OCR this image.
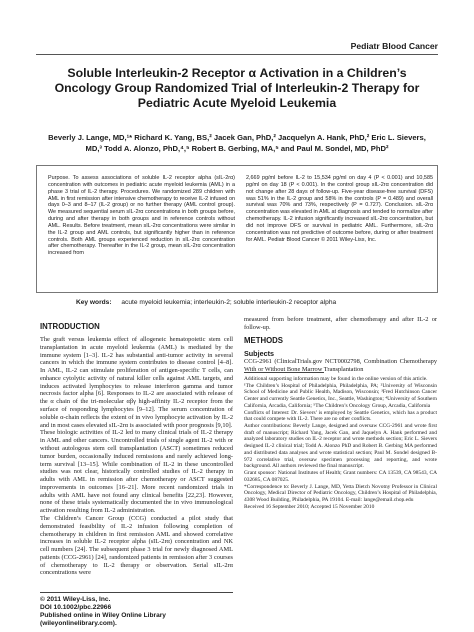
Pediatr Blood Cancer
Soluble Interleukin-2 Receptor α Activation in a Children’s Oncology Group Randomized Trial of Interleukin-2 Therapy for Pediatric Acute Myeloid Leukemia
Beverly J. Lange, MD,¹* Richard K. Yang, BS,² Jacek Gan, PhD,² Jacquelyn A. Hank, PhD,² Eric L. Sievers, MD,³ Todd A. Alonzo, PhD,⁴,⁵ Robert B. Gerbing, MA,⁵ and Paul M. Sondel, MD, PhD²
Purpose. To assess associations of soluble IL-2 receptor alpha (sIL-2rα) concentration with outcomes in pediatric acute myeloid leukemia (AML) in a phase 3 trial of IL-2 therapy. Procedures. We randomized 289 children with AML in first remission after intensive chemotherapy to receive IL-2 infused on days 0–3 and 8–17 (IL-2 group) or no further therapy (AML control group). We measured sequential serum sIL-2rα concentrations in both groups before, during and after therapy in both groups and in reference controls without AML. Results. Before treatment, mean sIL-2rα concentrations were similar in the IL-2 group and AML controls, but significantly higher than in reference controls. Both AML groups experienced reduction in sIL-2rα concentration after chemotherapy. Thereafter in the IL-2 group, mean sIL-2rα concentration increased from
2,669 pg/ml before IL-2 to 15,534 pg/ml on day 4 (P < 0.001) and 10,585 pg/ml on day 18 (P < 0.001). In the control group sIL-2rα concentration did not change after 28 days of follow-up. Five-year disease-free survival (DFS) was 51% in the IL-2 group and 58% in the controls (P = 0.489) and overall survival was 70% and 73%, respectively (P = 0.727). Conclusion. sIL-2rα concentration was elevated in AML at diagnosis and tended to normalize after chemotherapy. IL-2 infusion significantly increased sIL-2rα concentration, but did not improve DFS or survival in pediatric AML. Furthermore, sIL-2rα concentration was not predictive of outcome before, during or after treatment for AML. Pediatr Blood Cancer © 2011 Wiley-Liss, Inc.
Key words: acute myeloid leukemia; interleukin-2; soluble interleukin-2 receptor alpha
INTRODUCTION
The graft versus leukemia effect of allogeneic hematopoietic stem cell transplantation in acute myeloid leukemia (AML) is mediated by the immune system [1–3]. IL-2 has substantial anti-tumor activity in several cancers in which the immune system contributes to disease control [4–8]. In AML, IL-2 can stimulate proliferation of antigen-specific T cells, can enhance cytolytic activity of natural killer cells against AML targets, and induces activated lymphocytes to release interferon gamma and tumor necrosis factor alpha [6]. Responses to IL-2 are associated with release of the α chain of the tri-molecular αβγ high-affinity IL-2 receptor from the surface of responding lymphocytes [9–12]. The serum concentration of soluble α-chain reflects the extent of in vivo lymphocyte activation by IL-2 and in most cases elevated sIL-2rα is associated with poor prognosis [9,10].
These biologic activities of IL-2 led to many clinical trials of IL-2 therapy in AML and other cancers. Uncontrolled trials of single agent IL-2 with or without autologous stem cell transplantation (ASCT) sometimes reduced tumor burden, occasionally induced remissions and rarely achieved long-term survival [13–15]. While combination of IL-2 in these uncontrolled studies was not clear, historically controlled studies of IL-2 therapy in adults with AML in remission after chemotherapy or ASCT suggested improvements in outcomes [16–21]. More recent randomized trials in adults with AML have not found any clinical benefits [22,23]. However, none of these trials systematically documented the in vivo immunological activation resulting from IL-2 administration.
The Children’s Cancer Group (CCG) conducted a pilot study that demonstrated feasibility of IL-2 infusion following completion of chemotherapy in children in first remission AML and showed correlative increases in soluble IL-2 receptor alpha (sIL-2rα) concentration and NK cell numbers [24]. The subsequent phase 3 trial for newly diagnosed AML patients (CCG-2961) [24], randomized patients in remission after 3 courses of chemotherapy to IL-2 therapy or observation. Serial sIL-2rα concentrations were
© 2011 Wiley-Liss, Inc.
DOI 10.1002/pbc.22966
Published online in Wiley Online Library
(wileyonlinelibrary.com).
measured from before treatment, after chemotherapy and after IL-2 or follow-up.
METHODS
Subjects
CCG-2961 (ClinicalTrials.gov NCT0002798, Combination Chemotherapy With or Without Bone Marrow Transplantation
Additional supporting information may be found in the online version of this article.
¹The Children’s Hospital of Philadelphia, Philadelphia, PA; ²University of Wisconsin School of Medicine and Public Health, Madison, Wisconsin; ³Fred Hutchinson Cancer Center and currently Seattle Genetics, Inc., Seattle, Washington; ⁴University of Southern California, Arcadia, California; ⁵The Children’s Oncology Group, Arcadia, California
Conflicts of Interest: Dr. Sievers’ is employed by Seattle Genetics, which has a product that could compete with IL-2. There are no other conflicts.
Author contributions: Beverly Lange, designed and oversaw CCG-2961 and wrote first draft of manuscript; Richard Yang, Jacek Gan, and Jaquelyn A. Hank performed and analyzed laboratory studies on IL-2 receptor and wrote methods section; Eric L. Sievers designed IL-2 clinical trial; Todd A. Alonzo PhD and Robert B. Gerbing MA performed and distributed data analyses and wrote statistical section; Paul M. Sondel designed B-972 correlative trial, oversaw specimen processing and reporting, and wrote background. All authors reviewed the final manuscript.
Grant sponsor: National Institutes of Health; Grant numbers: CA 13539, CA 98543, CA 032685, CA 087025.
*Correspondence to: Beverly J. Lange, MD, Yetta Dietch Novotny Professor in Clinical Oncology, Medical Director of Pediatric Oncology, Children’s Hospital of Philadelphia, 4308 Wood Building, Philadelphia, PA 19104. E-mail: lange@email.chop.edu
Received 16 September 2010; Accepted 15 November 2010
